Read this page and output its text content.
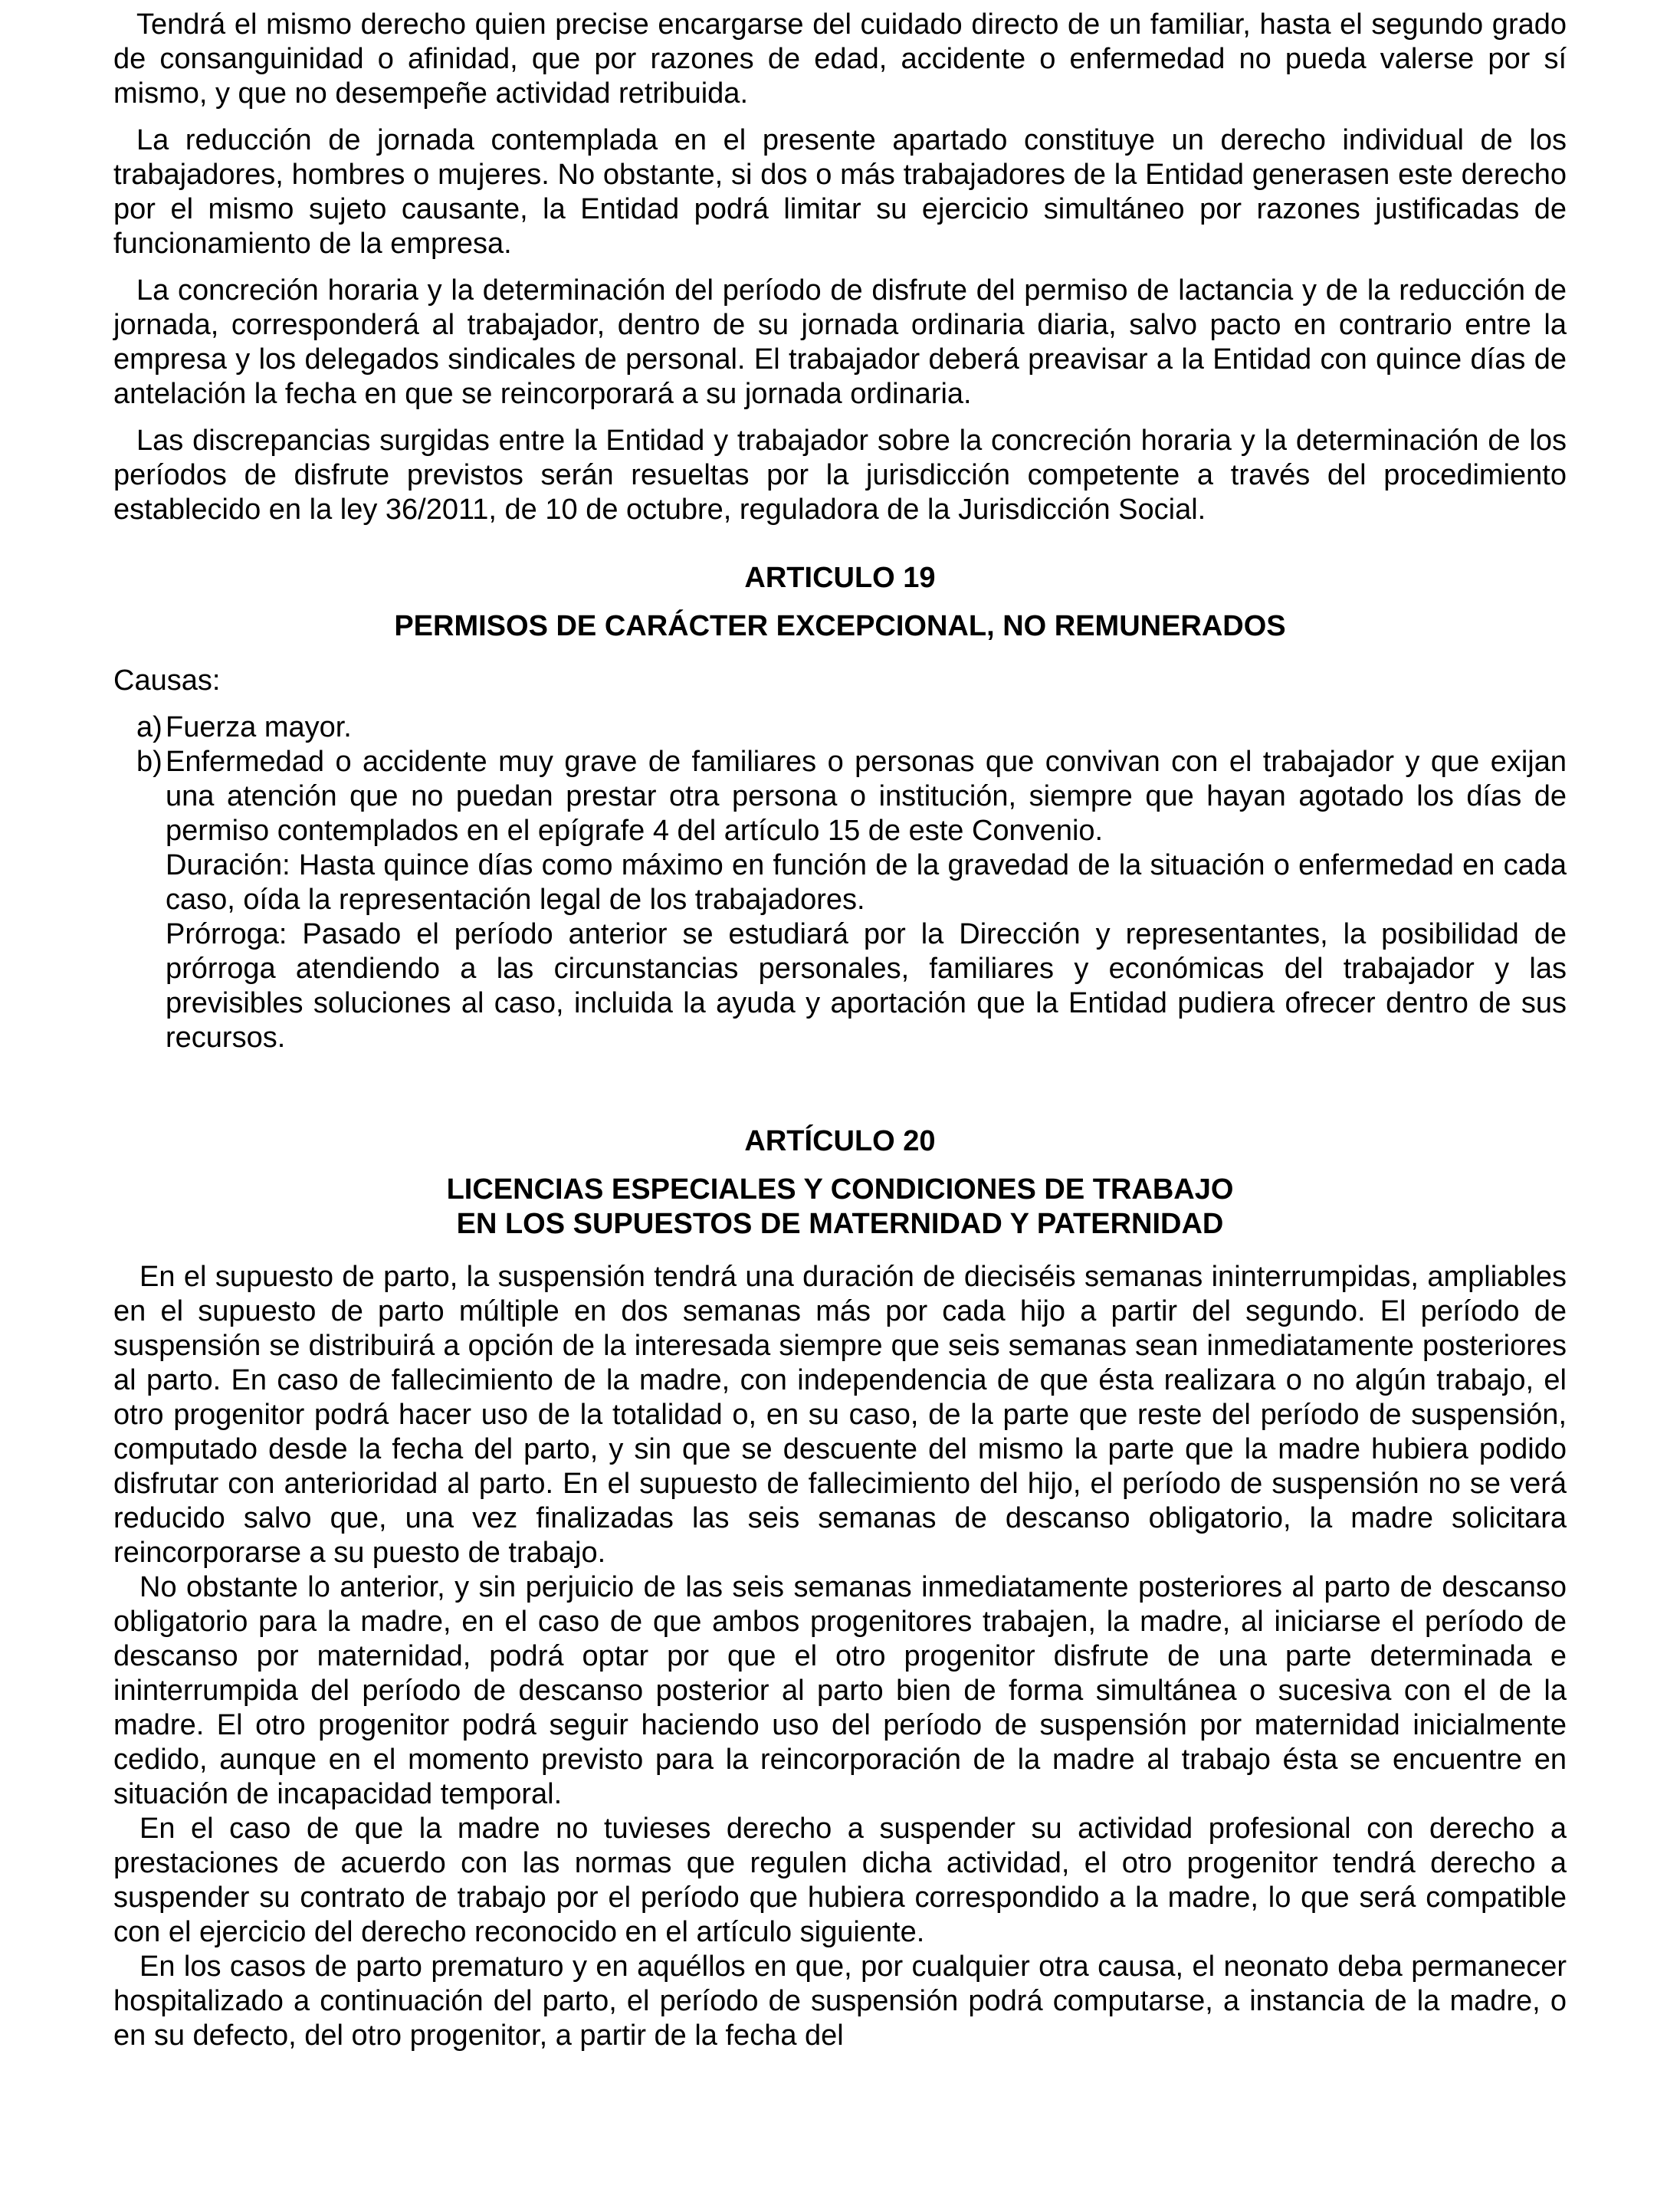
Tendrá el mismo derecho quien precise encargarse del cuidado directo de un familiar, hasta el segundo grado de consanguinidad o afinidad, que por razones de edad, accidente o enfermedad no pueda valerse por sí mismo, y que no desempeñe actividad retribuida.

La reducción de jornada contemplada en el presente apartado constituye un derecho individual de los trabajadores, hombres o mujeres. No obstante, si dos o más trabajadores de la Entidad generasen este derecho por el mismo sujeto causante, la Entidad podrá limitar su ejercicio simultáneo por razones justificadas de funcionamiento de la empresa.

La concreción horaria y la determinación del período de disfrute del permiso de lactancia y de la reducción de jornada, corresponderá al trabajador, dentro de su jornada ordinaria diaria, salvo pacto en contrario entre la empresa y los delegados sindicales de personal. El trabajador deberá preavisar a la Entidad con quince días de antelación la fecha en que se reincorporará a su jornada ordinaria.

Las discrepancias surgidas entre la Entidad y trabajador sobre la concreción horaria y la determinación de los períodos de disfrute previstos serán resueltas por la jurisdicción competente a través del procedimiento establecido en la ley 36/2011, de 10 de octubre, reguladora de la Jurisdicción Social.

ARTICULO 19

PERMISOS DE CARÁCTER EXCEPCIONAL, NO REMUNERADOS

Causas:

a) Fuerza mayor.

b) Enfermedad o accidente muy grave de familiares o personas que convivan con el trabajador y que exijan una atención que no puedan prestar otra persona o institución, siempre que hayan agotado los días de permiso contemplados en el epígrafe 4 del artículo 15 de este Convenio.

Duración: Hasta quince días como máximo en función de la gravedad de la situación o enfermedad en cada caso, oída la representación legal de los trabajadores.

Prórroga: Pasado el período anterior se estudiará por la Dirección y representantes, la posibilidad de prórroga atendiendo a las circunstancias personales, familiares y económicas del trabajador y las previsibles soluciones al caso, incluida la ayuda y aportación que la Entidad pudiera ofrecer dentro de sus recursos.

ARTÍCULO 20

LICENCIAS ESPECIALES Y CONDICIONES DE TRABAJO

EN LOS SUPUESTOS DE MATERNIDAD Y PATERNIDAD

En el supuesto de parto, la suspensión tendrá una duración de dieciséis semanas ininterrumpidas, ampliables en el supuesto de parto múltiple en dos semanas más por cada hijo a partir del segundo. El período de suspensión se distribuirá a opción de la interesada siempre que seis semanas sean inmediatamente posteriores al parto. En caso de fallecimiento de la madre, con independencia de que ésta realizara o no algún trabajo, el otro progenitor podrá hacer uso de la totalidad o, en su caso, de la parte que reste del período de suspensión, computado desde la fecha del parto, y sin que se descuente del mismo la parte que la madre hubiera podido disfrutar con anterioridad al parto. En el supuesto de fallecimiento del hijo, el período de suspensión no se verá reducido salvo que, una vez finalizadas las seis semanas de descanso obligatorio, la madre solicitara reincorporarse a su puesto de trabajo.

No obstante lo anterior, y sin perjuicio de las seis semanas inmediatamente posteriores al parto de descanso obligatorio para la madre, en el caso de que ambos progenitores trabajen, la madre, al iniciarse el período de descanso por maternidad, podrá optar por que el otro progenitor disfrute de una parte determinada e ininterrumpida del período de descanso posterior al parto bien de forma simultánea o sucesiva con el de la madre. El otro progenitor podrá seguir haciendo uso del período de suspensión por maternidad inicialmente cedido, aunque en el momento previsto para la reincorporación de la madre al trabajo ésta se encuentre en situación de incapacidad temporal.

En el caso de que la madre no tuvieses derecho a suspender su actividad profesional con derecho a prestaciones de acuerdo con las normas que regulen dicha actividad, el otro progenitor tendrá derecho a suspender su contrato de trabajo por el período que hubiera correspondido a la madre, lo que será compatible con el ejercicio del derecho reconocido en el artículo siguiente.

En los casos de parto prematuro y en aquéllos en que, por cualquier otra causa, el neonato deba permanecer hospitalizado a continuación del parto, el período de suspensión podrá computarse, a instancia de la madre, o en su defecto, del otro progenitor, a partir de la fecha del
